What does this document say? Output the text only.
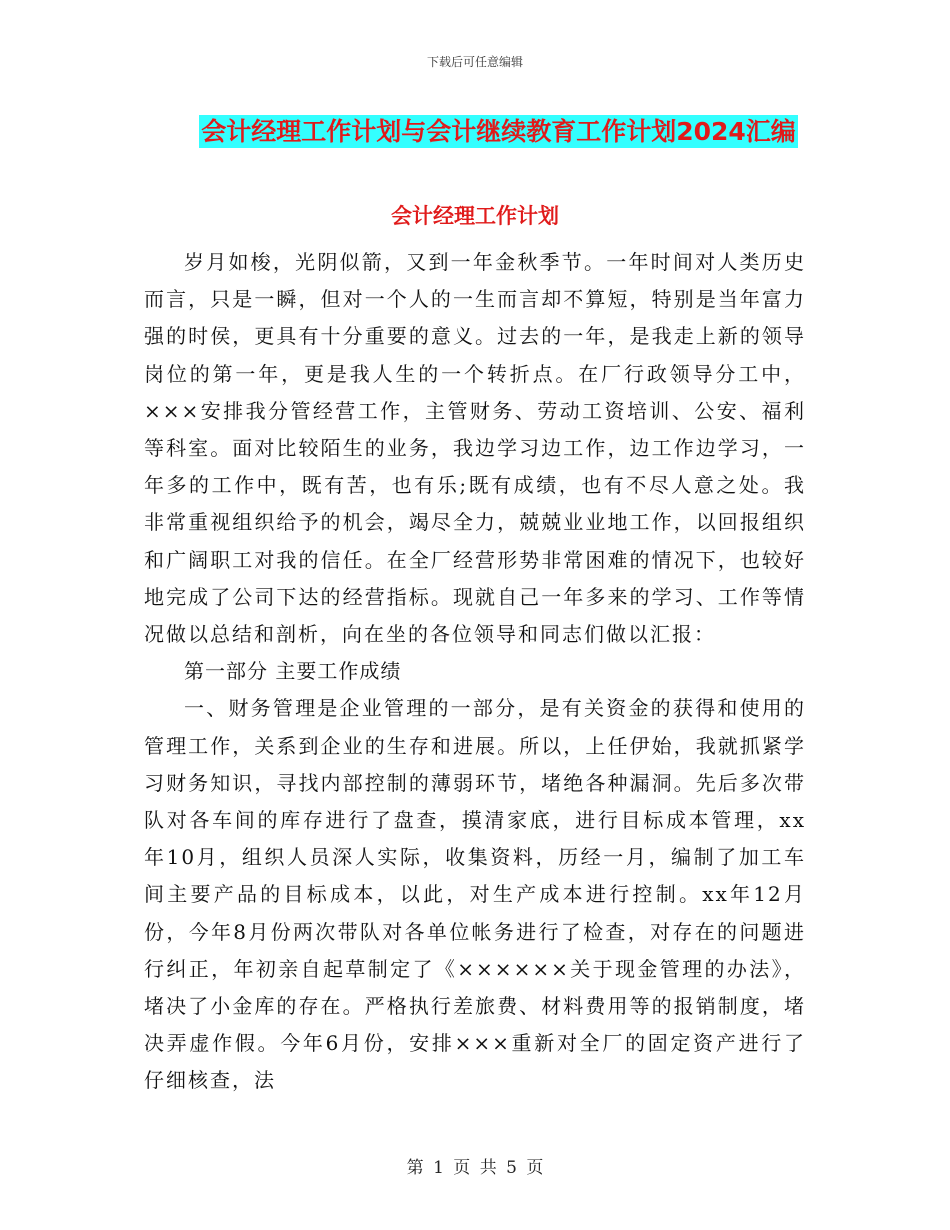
下载后可任意编辑
会计经理工作计划与会计继续教育工作计划2024汇编
会计经理工作计划

岁月如梭，光阴似箭，又到一年金秋季节。一年时间对人类历史而言，只是一瞬，但对一个人的一生而言却不算短，特别是当年富力强的时侯，更具有十分重要的意义。过去的一年，是我走上新的领导岗位的第一年，更是我人生的一个转折点。在厂行政领导分工中，×××安排我分管经营工作，主管财务、劳动工资培训、公安、福利等科室。面对比较陌生的业务，我边学习边工作，边工作边学习，一年多的工作中，既有苦，也有乐;既有成绩，也有不尽人意之处。我非常重视组织给予的机会，竭尽全力，兢兢业业地工作，以回报组织和广阔职工对我的信任。在全厂经营形势非常困难的情况下，也较好地完成了公司下达的经营指标。现就自己一年多来的学习、工作等情况做以总结和剖析，向在坐的各位领导和同志们做以汇报：

第一部分 主要工作成绩

一、财务管理是企业管理的一部分，是有关资金的获得和使用的管理工作，关系到企业的生存和进展。所以，上任伊始，我就抓紧学习财务知识，寻找内部控制的薄弱环节，堵绝各种漏洞。先后多次带队对各车间的库存进行了盘查，摸清家底，进行目标成本管理，xx年10月，组织人员深人实际，收集资料，历经一月，编制了加工车间主要产品的目标成本，以此，对生产成本进行控制。xx年12月份，今年8月份两次带队对各单位帐务进行了检查，对存在的问题进行纠正，年初亲自起草制定了《××××××关于现金管理的办法》，堵决了小金库的存在。严格执行差旅费、材料费用等的报销制度，堵决弄虚作假。今年6月份，安排×××重新对全厂的固定资产进行了仔细核查，法

第 1 页 共 5 页
